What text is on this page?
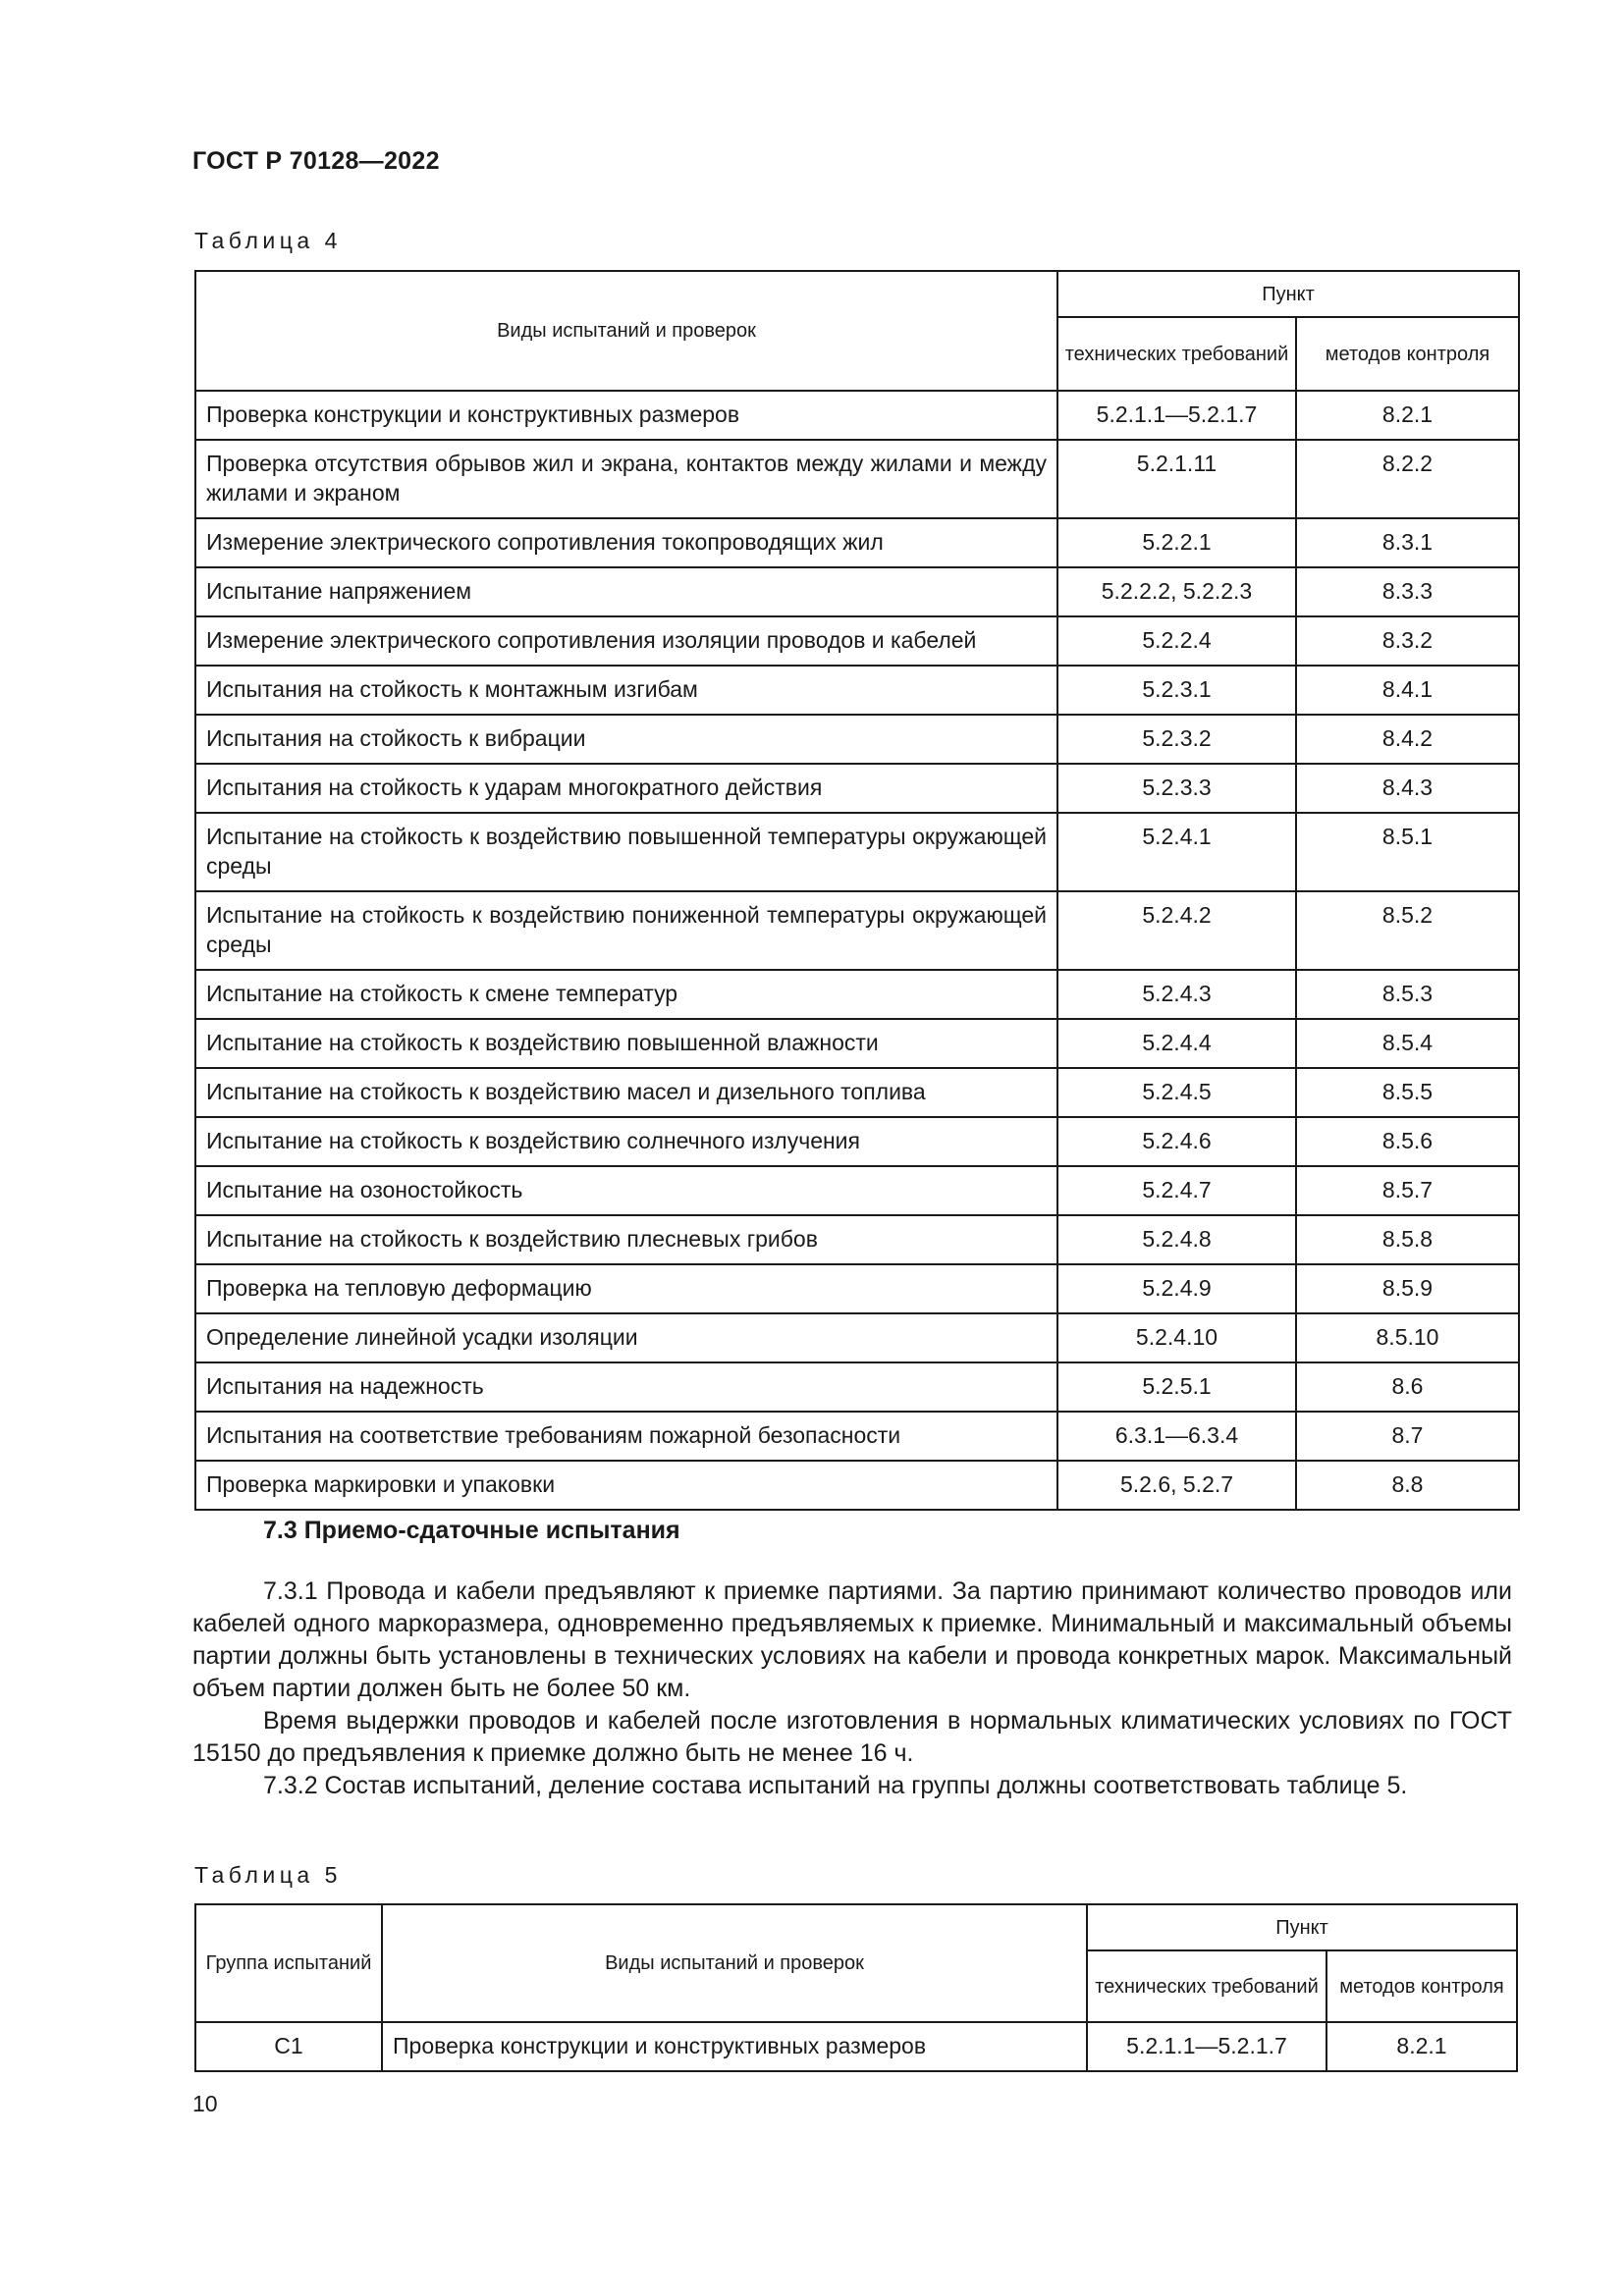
ГОСТ Р 70128—2022
Таблица 4
Виды испытаний и проверок	Пункт	
	технических требований	методов контроля
Проверка конструкции и конструктивных размеров	5.2.1.1—5.2.1.7	8.2.1
Проверка отсутствия обрывов жил и экрана, контактов между жилами и между жилами и экраном	5.2.1.11	8.2.2
Измерение электрического сопротивления токопроводящих жил	5.2.2.1	8.3.1
Испытание напряжением	5.2.2.2, 5.2.2.3	8.3.3
Измерение электрического сопротивления изоляции проводов и кабелей	5.2.2.4	8.3.2
Испытания на стойкость к монтажным изгибам	5.2.3.1	8.4.1
Испытания на стойкость к вибрации	5.2.3.2	8.4.2
Испытания на стойкость к ударам многократного действия	5.2.3.3	8.4.3
Испытание на стойкость к воздействию повышенной температуры окружающей среды	5.2.4.1	8.5.1
Испытание на стойкость к воздействию пониженной температуры окружающей среды	5.2.4.2	8.5.2
Испытание на стойкость к смене температур	5.2.4.3	8.5.3
Испытание на стойкость к воздействию повышенной влажности	5.2.4.4	8.5.4
Испытание на стойкость к воздействию масел и дизельного топлива	5.2.4.5	8.5.5
Испытание на стойкость к воздействию солнечного излучения	5.2.4.6	8.5.6
Испытание на озоностойкость	5.2.4.7	8.5.7
Испытание на стойкость к воздействию плесневых грибов	5.2.4.8	8.5.8
Проверка на тепловую деформацию	5.2.4.9	8.5.9
Определение линейной усадки изоляции	5.2.4.10	8.5.10
Испытания на надежность	5.2.5.1	8.6
Испытания на соответствие требованиям пожарной безопасности	6.3.1—6.3.4	8.7
Проверка маркировки и упаковки	5.2.6, 5.2.7	8.8
7.3 Приемо-сдаточные испытания

7.3.1 Провода и кабели предъявляют к приемке партиями. За партию принимают количество проводов или кабелей одного маркоразмера, одновременно предъявляемых к приемке. Минимальный и максимальный объемы партии должны быть установлены в технических условиях на кабели и провода конкретных марок. Максимальный объем партии должен быть не более 50 км.

Время выдержки проводов и кабелей после изготовления в нормальных климатических условиях по ГОСТ 15150 до предъявления к приемке должно быть не менее 16 ч.

7.3.2 Состав испытаний, деление состава испытаний на группы должны соответствовать таблице 5.

Таблица 5
Группа испытаний	Виды испытаний и проверок	Пункт	
		технических требований	методов контроля
С1	Проверка конструкции и конструктивных размеров	5.2.1.1—5.2.1.7	8.2.1
10
